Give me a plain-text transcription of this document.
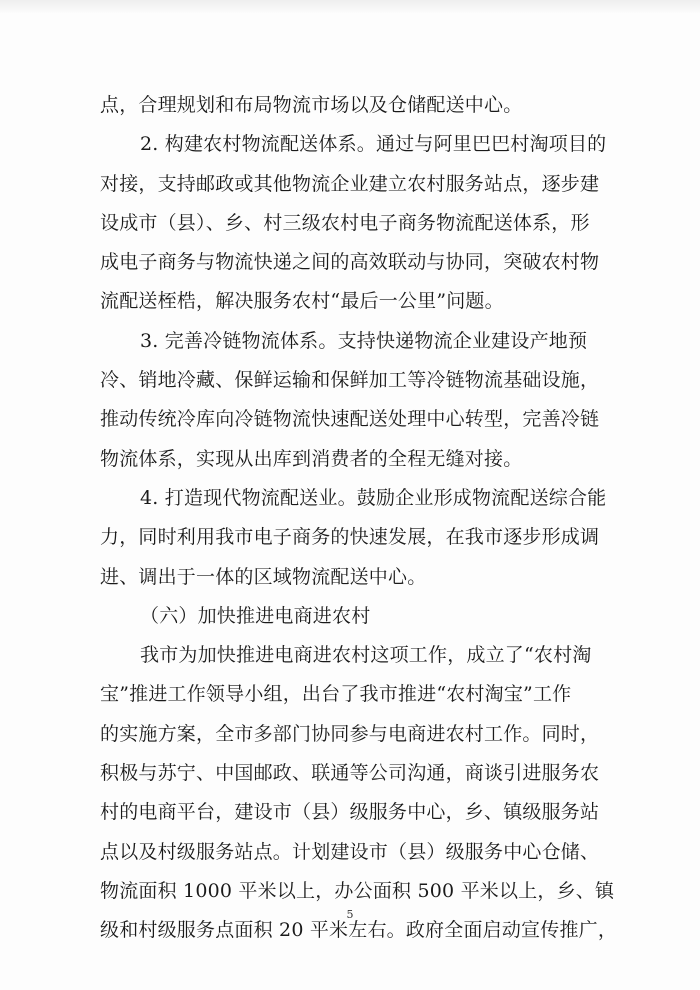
点，合理规划和布局物流市场以及仓储配送中心。
2. 构建农村物流配送体系。通过与阿里巴巴村淘项目的
对接，支持邮政或其他物流企业建立农村服务站点，逐步建
设成市（县）、乡、村三级农村电子商务物流配送体系，形
成电子商务与物流快递之间的高效联动与协同，突破农村物
流配送桎梏，解决服务农村“最后一公里”问题。
3. 完善冷链物流体系。支持快递物流企业建设产地预
冷、销地冷藏、保鲜运输和保鲜加工等冷链物流基础设施，
推动传统冷库向冷链物流快速配送处理中心转型，完善冷链
物流体系，实现从出库到消费者的全程无缝对接。
4. 打造现代物流配送业。鼓励企业形成物流配送综合能
力，同时利用我市电子商务的快速发展，在我市逐步形成调
进、调出于一体的区域物流配送中心。
（六）加快推进电商进农村
我市为加快推进电商进农村这项工作，成立了“农村淘
宝”推进工作领导小组，出台了我市推进“农村淘宝”工作
的实施方案，全市多部门协同参与电商进农村工作。同时，
积极与苏宁、中国邮政、联通等公司沟通，商谈引进服务农
村的电商平台，建设市（县）级服务中心，乡、镇级服务站
点以及村级服务站点。计划建设市（县）级服务中心仓储、
物流面积 1000 平米以上，办公面积 500 平米以上，乡、镇
级和村级服务点面积 20 平米左右。政府全面启动宣传推广，
5
